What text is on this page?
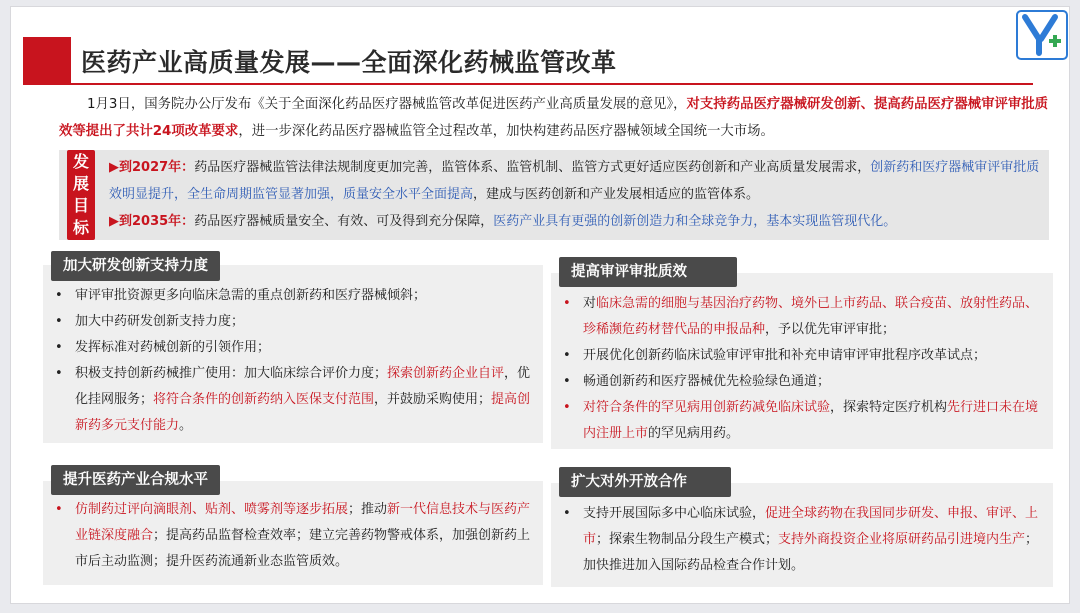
医药产业高质量发展——全面深化药械监管改革
1月3日，国务院办公厅发布《关于全面深化药品医疗器械监管改革促进医药产业高质量发展的意见》，对支持药品医疗器械研发创新、提高药品医疗器械审评审批质效等提出了共计24项改革要求，进一步深化药品医疗器械监管全过程改革，加快构建药品医疗器械领域全国统一大市场。
发
展
目
标
▶到2027年：药品医疗器械监管法律法规制度更加完善，监管体系、监管机制、监管方式更好适应医药创新和产业高质量发展需求，创新药和医疗器械审评审批质效明显提升，全生命周期监管显著加强，质量安全水平全面提高，建成与医药创新和产业发展相适应的监管体系。
▶到2035年：药品医疗器械质量安全、有效、可及得到充分保障，医药产业具有更强的创新创造力和全球竞争力，基本实现监管现代化。
加大研发创新支持力度
• 审评审批资源更多向临床急需的重点创新药和医疗器械倾斜；
• 加大中药研发创新支持力度；
• 发挥标准对药械创新的引领作用；
• 积极支持创新药械推广使用：加大临床综合评价力度；探索创新药企业自评，优化挂网服务；将符合条件的创新药纳入医保支付范围，并鼓励采购使用；提高创新药多元支付能力。
提升医药产业合规水平
• 仿制药过评向滴眼剂、贴剂、喷雾剂等逐步拓展；推动新一代信息技术与医药产业链深度融合；提高药品监督检查效率；建立完善药物警戒体系，加强创新药上市后主动监测；提升医药流通新业态监管质效。
提高审评审批质效
• 对临床急需的细胞与基因治疗药物、境外已上市药品、联合疫苗、放射性药品、珍稀濒危药材替代品的申报品种，予以优先审评审批；
• 开展优化创新药临床试验审评审批和补充申请审评审批程序改革试点；
• 畅通创新药和医疗器械优先检验绿色通道；
• 对符合条件的罕见病用创新药减免临床试验，探索特定医疗机构先行进口未在境内注册上市的罕见病用药。
扩大对外开放合作
• 支持开展国际多中心临床试验，促进全球药物在我国同步研发、申报、审评、上市；探索生物制品分段生产模式；支持外商投资企业将原研药品引进境内生产；加快推进加入国际药品检查合作计划。
